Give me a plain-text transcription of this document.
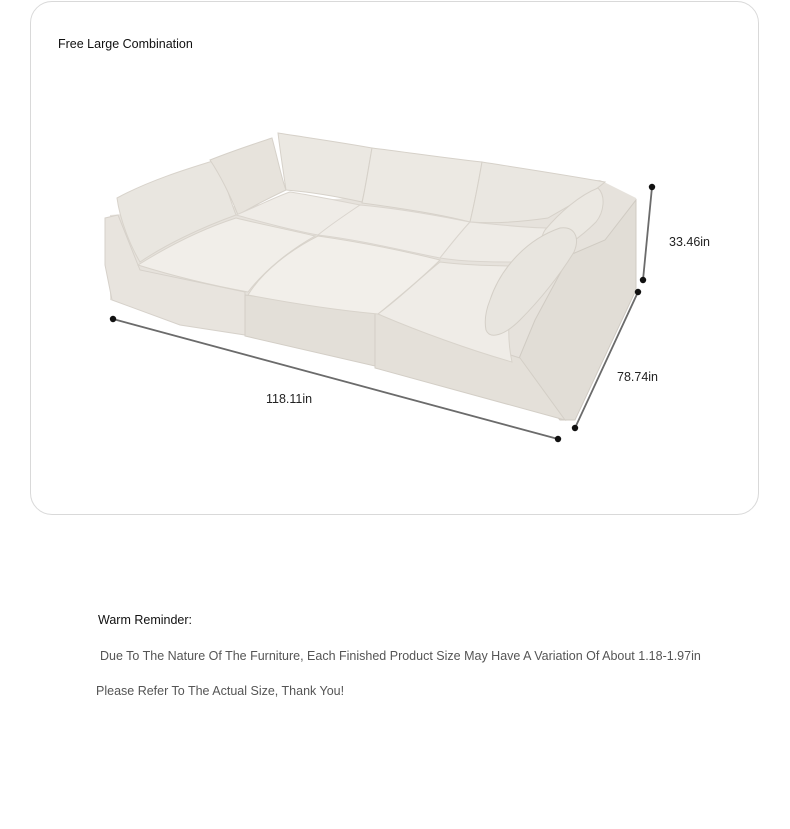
Free Large Combination
118.11in
33.46in
78.74in
Warm Reminder:
Due To The Nature Of The Furniture, Each Finished Product Size May Have A Variation Of About 1.18-1.97in
Please Refer To The Actual Size, Thank You!
